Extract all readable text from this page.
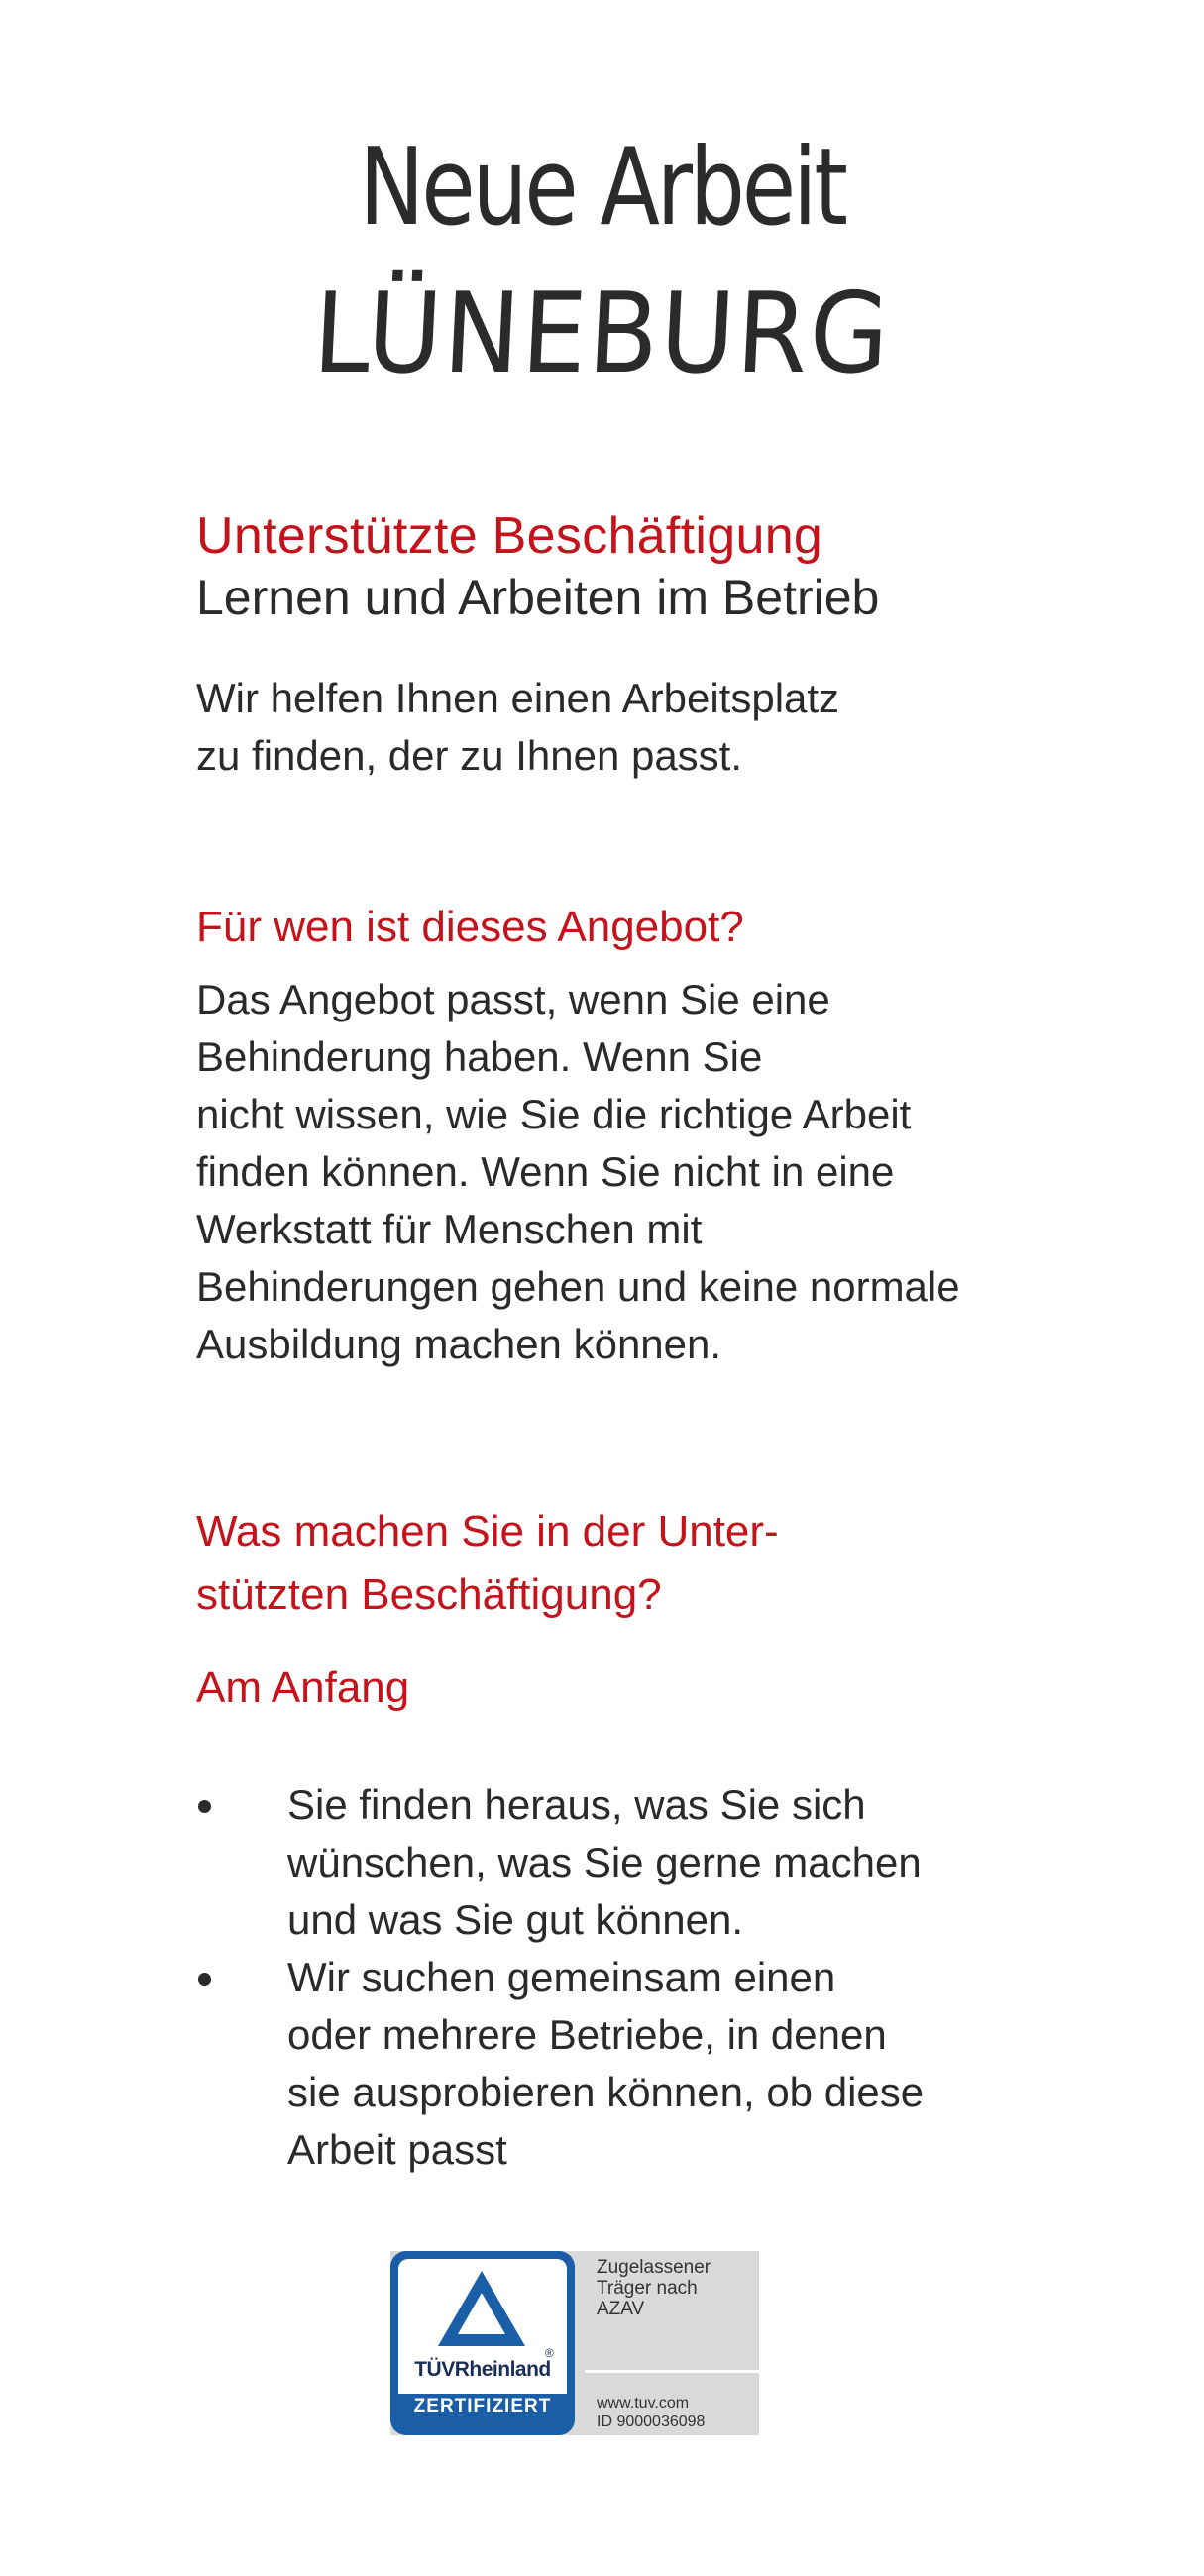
Neue Arbeit
LÜNEBURG
Unterstützte Beschäftigung
Lernen und Arbeiten im Betrieb
Wir helfen Ihnen einen Arbeitsplatz
zu finden, der zu Ihnen passt.
Für wen ist dieses Angebot?
Das Angebot passt, wenn Sie eine
Behinderung haben. Wenn Sie
nicht wissen, wie Sie die richtige Arbeit
finden können. Wenn Sie nicht in eine
Werkstatt für Menschen mit
Behinderungen gehen und keine normale
Ausbildung machen können.
Was machen Sie in der Unter-
stützten Beschäftigung?
Am Anfang
Sie finden heraus, was Sie sich
wünschen, was Sie gerne machen
und was Sie gut können.
Wir suchen gemeinsam einen
oder mehrere Betriebe, in denen
sie ausprobieren können, ob diese
Arbeit passt
®
TÜVRheinland
ZERTIFIZIERT
Zugelassener
Träger nach
AZAV
www.tuv.com
ID 9000036098
